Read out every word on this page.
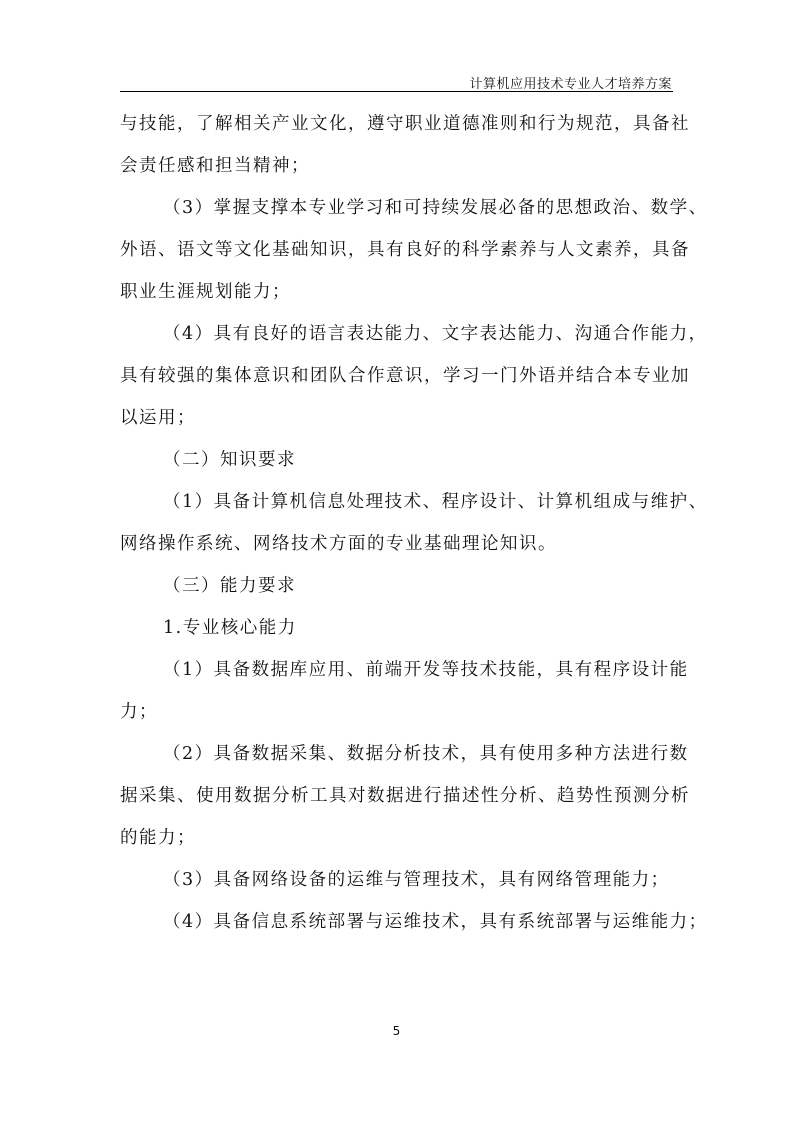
计算机应用技术专业人才培养方案
与技能，了解相关产业文化，遵守职业道德准则和行为规范，具备社
会责任感和担当精神；
（3）掌握支撑本专业学习和可持续发展必备的思想政治、数学、
外语、语文等文化基础知识，具有良好的科学素养与人文素养，具备
职业生涯规划能力；
（4）具有良好的语言表达能力、文字表达能力、沟通合作能力，
具有较强的集体意识和团队合作意识，学习一门外语并结合本专业加
以运用；
（二）知识要求
（1）具备计算机信息处理技术、程序设计、计算机组成与维护、
网络操作系统、网络技术方面的专业基础理论知识。
（三）能力要求
1.专业核心能力
（1）具备数据库应用、前端开发等技术技能，具有程序设计能
力；
（2）具备数据采集、数据分析技术，具有使用多种方法进行数
据采集、使用数据分析工具对数据进行描述性分析、趋势性预测分析
的能力；
（3）具备网络设备的运维与管理技术，具有网络管理能力；
（4）具备信息系统部署与运维技术，具有系统部署与运维能力；
5
